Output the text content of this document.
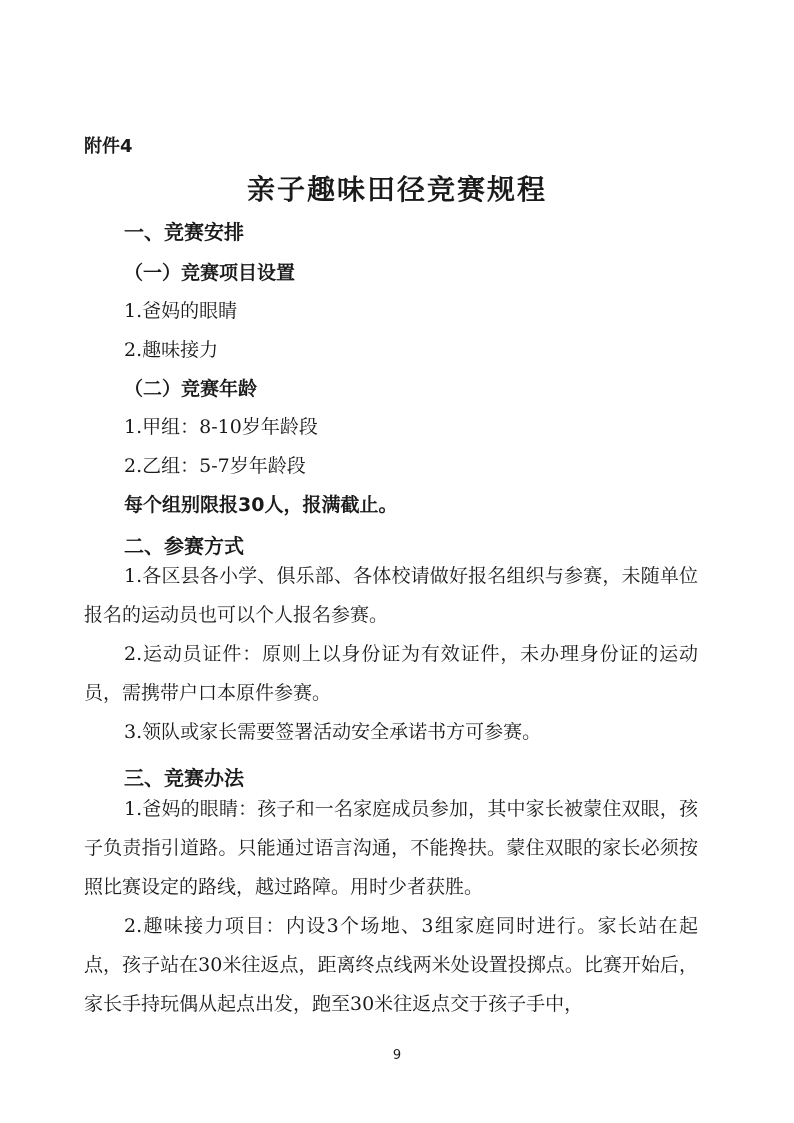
附件4
亲子趣味田径竞赛规程
一、竞赛安排
（一）竞赛项目设置
1.爸妈的眼睛
2.趣味接力
（二）竞赛年龄
1.甲组：8-10岁年龄段
2.乙组：5-7岁年龄段
每个组别限报30人，报满截止。
二、参赛方式
1.各区县各小学、俱乐部、各体校请做好报名组织与参赛，未随单位报名的运动员也可以个人报名参赛。
2.运动员证件：原则上以身份证为有效证件，未办理身份证的运动员，需携带户口本原件参赛。
3.领队或家长需要签署活动安全承诺书方可参赛。
三、竞赛办法
1.爸妈的眼睛：孩子和一名家庭成员参加，其中家长被蒙住双眼，孩子负责指引道路。只能通过语言沟通，不能搀扶。蒙住双眼的家长必须按照比赛设定的路线，越过路障。用时少者获胜。
2.趣味接力项目：内设3个场地、3组家庭同时进行。家长站在起点，孩子站在30米往返点，距离终点线两米处设置投掷点。比赛开始后，家长手持玩偶从起点出发，跑至30米往返点交于孩子手中，
9
